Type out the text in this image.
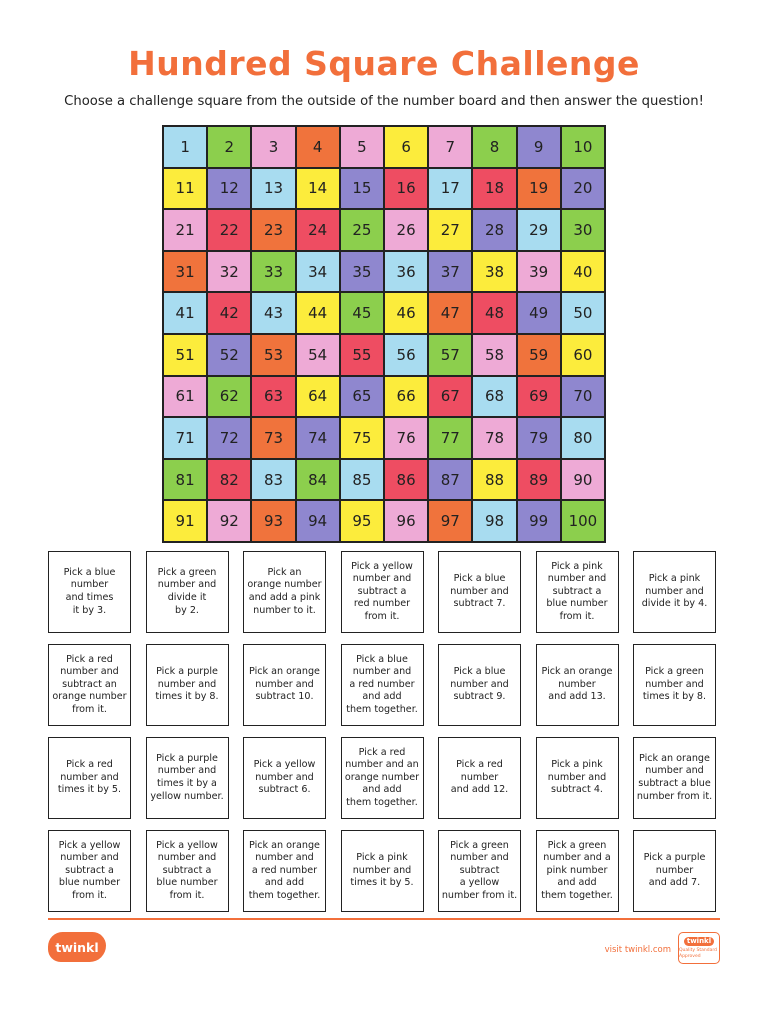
Hundred Square Challenge
Choose a challenge square from the outside of the number board and then answer the question!
1	2	3	4	5	6	7	8	9	10
11	12	13	14	15	16	17	18	19	20
21	22	23	24	25	26	27	28	29	30
31	32	33	34	35	36	37	38	39	40
41	42	43	44	45	46	47	48	49	50
51	52	53	54	55	56	57	58	59	60
61	62	63	64	65	66	67	68	69	70
71	72	73	74	75	76	77	78	79	80
81	82	83	84	85	86	87	88	89	90
91	92	93	94	95	96	97	98	99	100
Pick a blue
number
and times
it by 3.
Pick a green
number and
divide it
by 2.
Pick an
orange number
and add a pink
number to it.
Pick a yellow
number and
subtract a
red number
from it.
Pick a blue
number and
subtract 7.
Pick a pink
number and
subtract a
blue number
from it.
Pick a pink
number and
divide it by 4.
Pick a red
number and
subtract an
orange number
from it.
Pick a purple
number and
times it by 8.
Pick an orange
number and
subtract 10.
Pick a blue
number and
a red number
and add
them together.
Pick a blue
number and
subtract 9.
Pick an orange
number
and add 13.
Pick a green
number and
times it by 8.
Pick a red
number and
times it by 5.
Pick a purple
number and
times it by a
yellow number.
Pick a yellow
number and
subtract 6.
Pick a red
number and an
orange number
and add
them together.
Pick a red
number
and add 12.
Pick a pink
number and
subtract 4.
Pick an orange
number and
subtract a blue
number from it.
Pick a yellow
number and
subtract a
blue number
from it.
Pick a yellow
number and
subtract a
blue number
from it.
Pick an orange
number and
a red number
and add
them together.
Pick a pink
number and
times it by 5.
Pick a green
number and
subtract
a yellow
number from it.
Pick a green
number and a
pink number
and add
them together.
Pick a purple
number
and add 7.
twinkl	visit twinkl.com
twinkl
Quality Standard Approved
